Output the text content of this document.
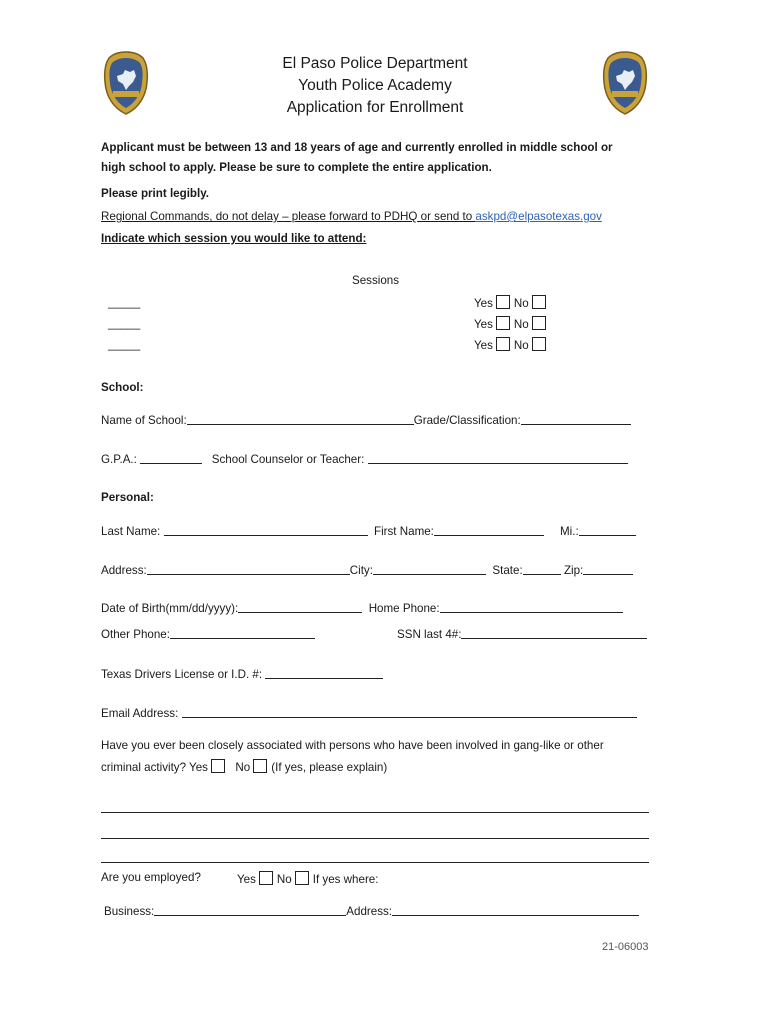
El Paso Police Department
Youth Police Academy
Application for Enrollment
Applicant must be between 13 and 18 years of age and currently enrolled in middle school or
high school to apply. Please be sure to complete the entire application.
Please print legibly.
Regional Commands, do not delay – please forward to PDHQ or send to askpd@elpasotexas.gov
Indicate which session you would like to attend:
Sessions
_____	Yes No
_____	Yes No
_____	Yes No
School:
Name of School:	Grade/Classification:
G.P.A.:	School Counselor or Teacher:
Personal:
Last Name:	First Name:	Mi.:
Address:	City:	State:	Zip:
Date of Birth(mm/dd/yyyy):	Home Phone:
Other Phone:	SSN last 4#:
Texas Drivers License or I.D. #:
Email Address:
Have you ever been closely associated with persons who have been involved in gang-like or other
criminal activity? Yes No (If yes, please explain)
Are you employed?	Yes No If yes where:
Business:	Address:
21-06003
